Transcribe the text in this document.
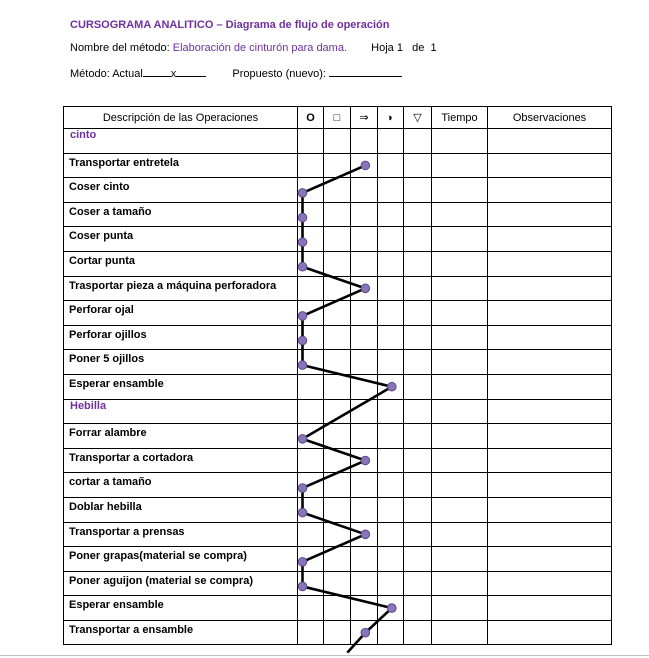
CURSOGRAMA ANALITICO – Diagrama de flujo de operación
Nombre del método: Elaboración de cinturón para dama. Hoja 1   de  1
Método: Actual	x	Propuesto (nuevo):
Descripción de las Operaciones	O	□	⇒	◗	▽	Tiempo	Observaciones
cinto							
Transportar entretela							
Coser cinto							
Coser a tamaño							
Coser punta							
Cortar punta							
Trasportar pieza a máquina perforadora							
Perforar ojal							
Perforar ojillos							
Poner 5 ojillos							
Esperar ensamble							
Hebilla							
Forrar alambre							
Transportar a cortadora							
cortar a tamaño							
Doblar hebilla							
Transportar a prensas							
Poner grapas(material se compra)							
Poner aguijon (material se compra)							
Esperar ensamble							
Transportar a ensamble							
